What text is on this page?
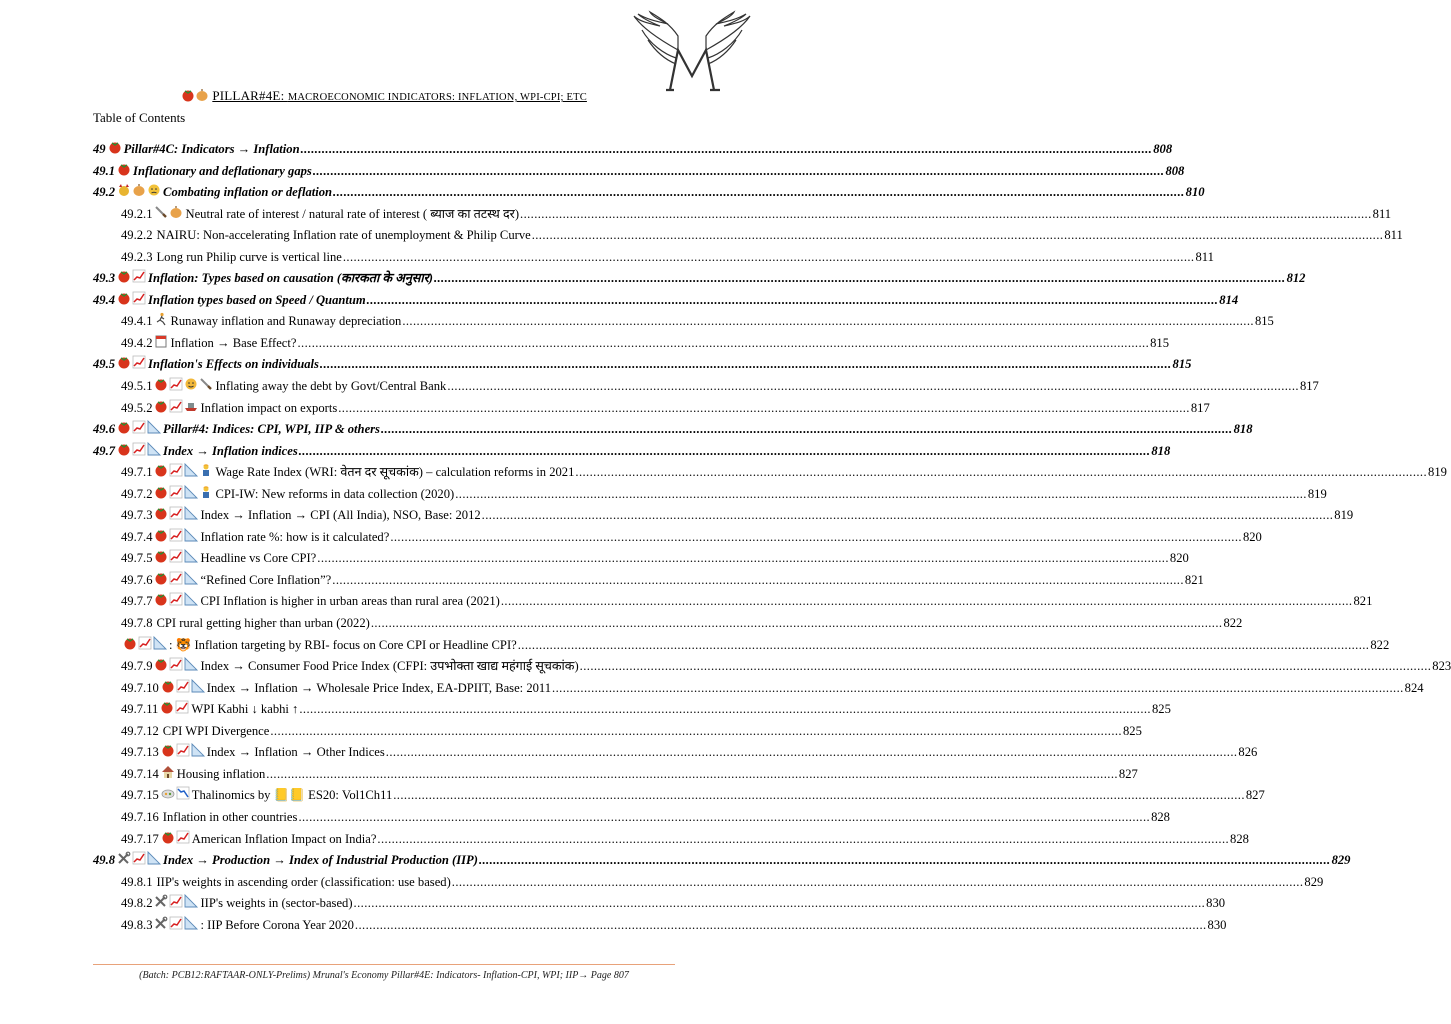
M
PILLAR#4E: MACROECONOMIC INDICATORS: INFLATION, WPI-CPI; ETC
Table of Contents
49 Pillar#4C: Indicators → Inflation .....	808
49.1 Inflationary and deflationary gaps .....	808
49.2	Combating inflation or deflation .....	810
49.2.1	Neutral rate of interest / natural rate of interest ( ब्याज का तटस्थ दर) .....	811
49.2.2 NAIRU: Non-accelerating Inflation rate of unemployment & Philip Curve .....	811
49.2.3 Long run Philip curve is vertical line .....	811
49.3	Inflation: Types based on causation (कारकता के अनुसार) .....	812
49.4	Inflation types based on Speed / Quantum .....	814
49.4.1 Runaway inflation and Runaway depreciation .....	815
49.4.2 Inflation → Base Effect? .....	815
49.5	Inflation's Effects on individuals .....	815
49.5.1	Inflating away the debt by Govt/Central Bank .....	817
49.5.2	Inflation impact on exports .....	817
49.6	Pillar#4: Indices: CPI, WPI, IIP & others .....	818
49.7	Index → Inflation indices .....	818
49.7.1	Wage Rate Index (WRI: वेतन दर सूचकांक) – calculation reforms in 2021 .....	819
49.7.2	CPI-IW: New reforms in data collection (2020) .....	819
49.7.3	Index → Inflation → CPI (All India), NSO, Base: 2012 .....	819
49.7.4	Inflation rate %: how is it calculated? .....	820
49.7.5	Headline vs Core CPI? .....	820
49.7.6	“Refined Core Inflation”? .....	821
49.7.7	CPI Inflation is higher in urban areas than rural area (2021) .....	821
49.7.8 CPI rural getting higher than urban (2022) .....	822
: 🐯 Inflation targeting by RBI- focus on Core CPI or Headline CPI? .....	822
49.7.9	Index → Consumer Food Price Index (CFPI: उपभोक्ता खाद्य महंगाई सूचकांक) .....	823
49.7.10	Index → Inflation → Wholesale Price Index, EA-DPIIT, Base: 2011 .....	824
49.7.11	WPI Kabhi ↓ kabhi ↑ .....	825
49.7.12 CPI WPI Divergence .....	825
49.7.13	Index → Inflation → Other Indices .....	826
49.7.14 Housing inflation .....	827
49.7.15	Thalinomics by 📒📒 ES20: Vol1Ch11 .....	827
49.7.16 Inflation in other countries .....	828
49.7.17	American Inflation Impact on India? .....	828
49.8	Index → Production → Index of Industrial Production (IIP) .....	829
49.8.1 IIP's weights in ascending order (classification: use based) .....	829
49.8.2	IIP's weights in (sector-based) .....	830
49.8.3	: IIP Before Corona Year 2020 .....	830
(Batch: PCB12:RAFTAAR-ONLY-Prelims) Mrunal's Economy Pillar#4E: Indicators- Inflation-CPI, WPI; IIP→ Page 807
